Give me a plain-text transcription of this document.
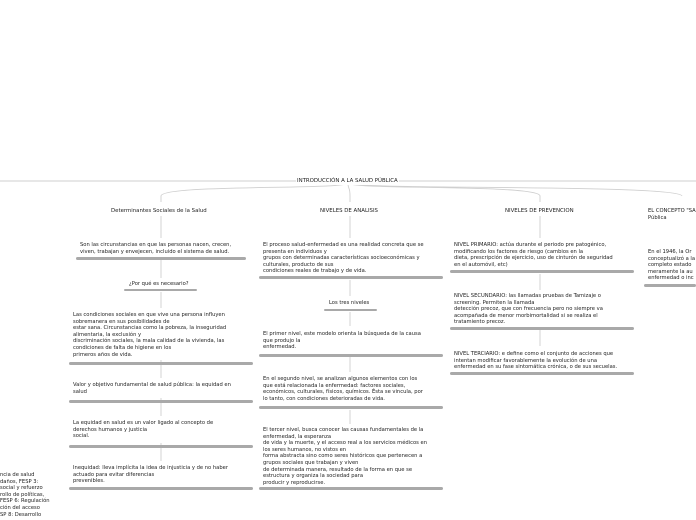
INTRODUCCIÓN A LA SALUD PÚBLICA
Determinantes Sociales de la Salud
Son las circunstancias en que las personas nacen, crecen,
viven, trabajan y envejecen, incluido el sistema de salud.
¿Por qué es necesario?
Las condiciones sociales en que vive una persona influyen
sobremanera en sus posibilidades de
estar sana. Circunstancias como la pobreza, la inseguridad
alimentaria, la exclusión y
discriminación sociales, la mala calidad de la vivienda, las
condiciones de falta de higiene en los
primeros años de vida.
Valor y objetivo fundamental de salud pública: la equidad en
salud
La equidad en salud es un valor ligado al concepto de
derechos humanos y justicia
social.
Inequidad: lleva implícita la idea de injusticia y de no haber
actuado para evitar diferencias
prevenibles.
NIVELES DE ANALISIS
El proceso salud-enfermedad es una realidad concreta que se
presenta en individuos y
grupos con determinadas características socioeconómicas y
culturales, producto de sus
condiciones reales de trabajo y de vida.
Los tres niveles
El primer nivel, este modelo orienta la búsqueda de la causa
que produjo la
enfermedad.
En el segundo nivel, se analizan algunos elementos con los
que está relacionada la enfermedad: factores sociales,
económicos, culturales, físicos, químicos. Ésta se vincula, por
lo tanto, con condiciones deterioradas de vida.
El tercer nivel, busca conocer las causas fundamentales de la
enfermedad, la esperanza
de vida y la muerte, y el acceso real a los servicios médicos en
los seres humanos, no vistos en
forma abstracta sino como seres históricos que pertenecen a
grupos sociales que trabajan y viven
de determinada manera, resultado de la forma en que se
estructura y organiza la sociedad para
producir y reproducirse.
NIVELES DE PREVENCION
NIVEL PRIMARIO: actúa durante el periodo pre patogénico,
modificando los factores de riesgo (cambios en la
dieta, prescripción de ejercicio, uso de cinturón de seguridad
en el automóvil, etc)
NIVEL SECUNDARIO: las llamadas pruebas de Tamizaje o
screening. Permiten la llamada
detección precoz, que con frecuencia pero no siempre va
acompañada de menor morbimortalidad si se realiza el
tratamiento precoz.
NIVEL TERCIARIO: e define como el conjunto de acciones que
intentan modificar favorablemente la evolución de una
enfermedad en su fase sintomática crónica, o de sus secuelas.
EL CONCEPTO "SA
Pública
En el 1946, la Or
conceptualizó a la
completo estado
meramente la au
enfermedad o inc
ncia de salud
daños, FESP 3:
social y refuerzo
rollo de políticas,
FESP 6: Regulación
ción del acceso
SP 8: Desarrollo
